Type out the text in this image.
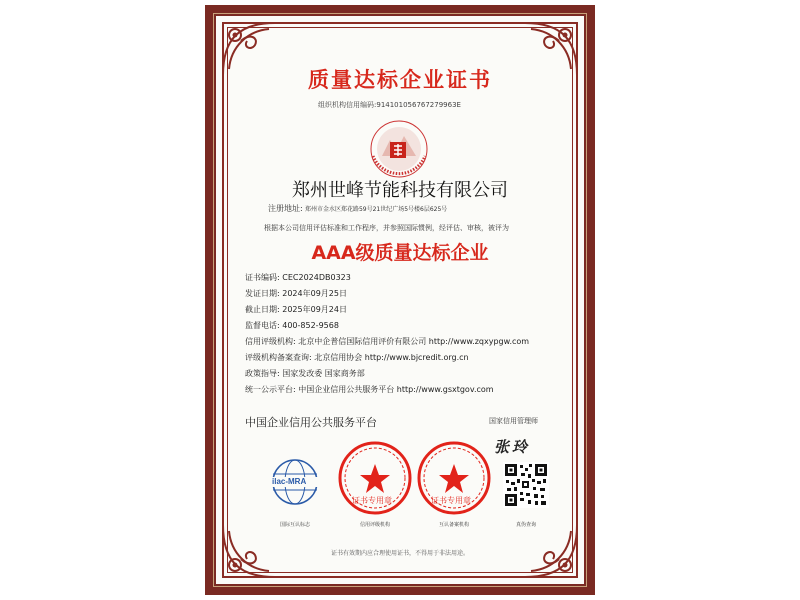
质量达标企业证书
组织机构信用编码:914101056767279963E
郑州世峰节能科技有限公司
注册地址: 郑州市金水区郑花路59号21世纪广场5号楼6层625号
根据本公司信用评估标准和工作程序，并参照国际惯例，经评估、审核，被评为
AAA级质量达标企业
证书编码: CEC2024DB0323
发证日期: 2024年09月25日
截止日期: 2025年09月24日
监督电话: 400-852-9568
信用评级机构: 北京中企普信国际信用评价有限公司 http://www.zqxypgw.com
评级机构备案查询: 北京信用协会 http://www.bjcredit.org.cn
政策指导: 国家发改委 国家商务部
统一公示平台: 中国企业信用公共服务平台 http://www.gsxtgov.com
中国企业信用公共服务平台	国家信用管理师
张玲
ilac-MRA
证书专用章	证书专用章
国际互认标志	信用评级机构	互认备案机构	真伪查询
证书有效期内应合理使用证书，不得用于非法用途。
